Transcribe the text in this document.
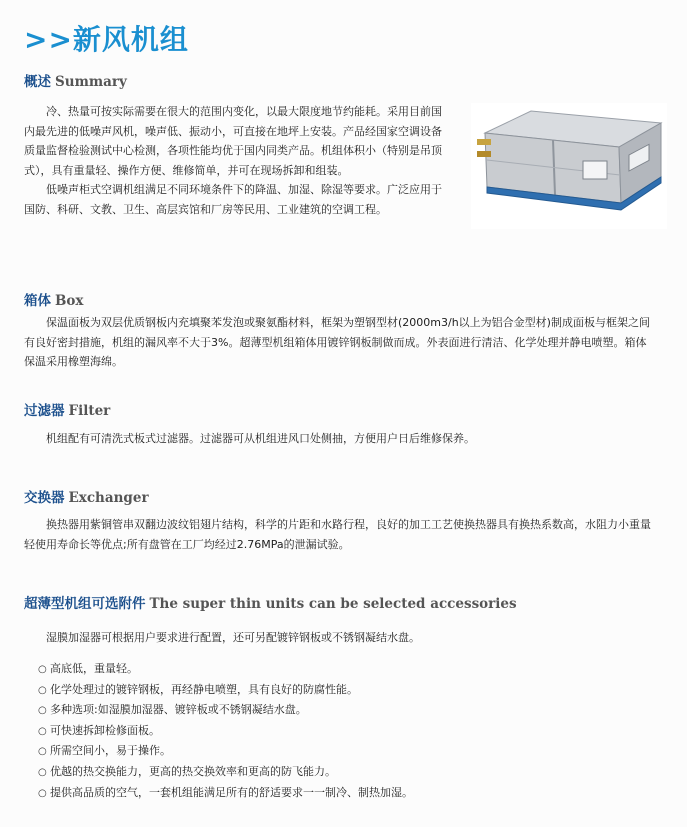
>>新风机组
概述 Summary
冷、热量可按实际需要在很大的范围内变化，以最大限度地节约能耗。采用目前国内最先进的低噪声风机，噪声低、振动小，可直接在地坪上安装。产品经国家空调设备质量监督检验测试中心检测，各项性能均优于国内同类产品。机组体积小（特别是吊顶式），具有重量轻、操作方便、维修简单，并可在现场拆卸和组装。
低噪声柜式空调机组满足不同环境条件下的降温、加湿、除湿等要求。广泛应用于国防、科研、文教、卫生、高层宾馆和厂房等民用、工业建筑的空调工程。
箱体 Box
保温面板为双层优质钢板内充填聚苯发泡或聚氨酯材料，框架为塑钢型材(2000m3/h以上为铝合金型材)制成面板与框架之间有良好密封措施，机组的漏风率不大于3%。超薄型机组箱体用镀锌钢板制做而成。外表面进行清洁、化学处理并静电喷塑。箱体保温采用橡塑海绵。
过滤器 Filter
机组配有可清洗式板式过滤器。过滤器可从机组进风口处侧抽，方便用户日后维修保养。
交换器 Exchanger
换热器用紫铜管串双翻边波纹铝翅片结构，科学的片距和水路行程，良好的加工工艺使换热器具有换热系数高，水阻力小重量轻使用寿命长等优点;所有盘管在工厂均经过2.76MPa的泄漏试验。
超薄型机组可选附件 The super thin units can be selected accessories
湿膜加湿器可根据用户要求进行配置，还可另配镀锌钢板或不锈钢凝结水盘。
○ 高底低，重量轻。
○ 化学处理过的镀锌钢板，再经静电喷塑，具有良好的防腐性能。
○ 多种选项:如湿膜加湿器、镀锌板或不锈钢凝结水盘。
○ 可快速拆卸检修面板。
○ 所需空间小，易于操作。
○ 优越的热交换能力，更高的热交换效率和更高的防飞能力。
○ 提供高品质的空气，一套机组能满足所有的舒适要求一一制冷、制热加湿。
